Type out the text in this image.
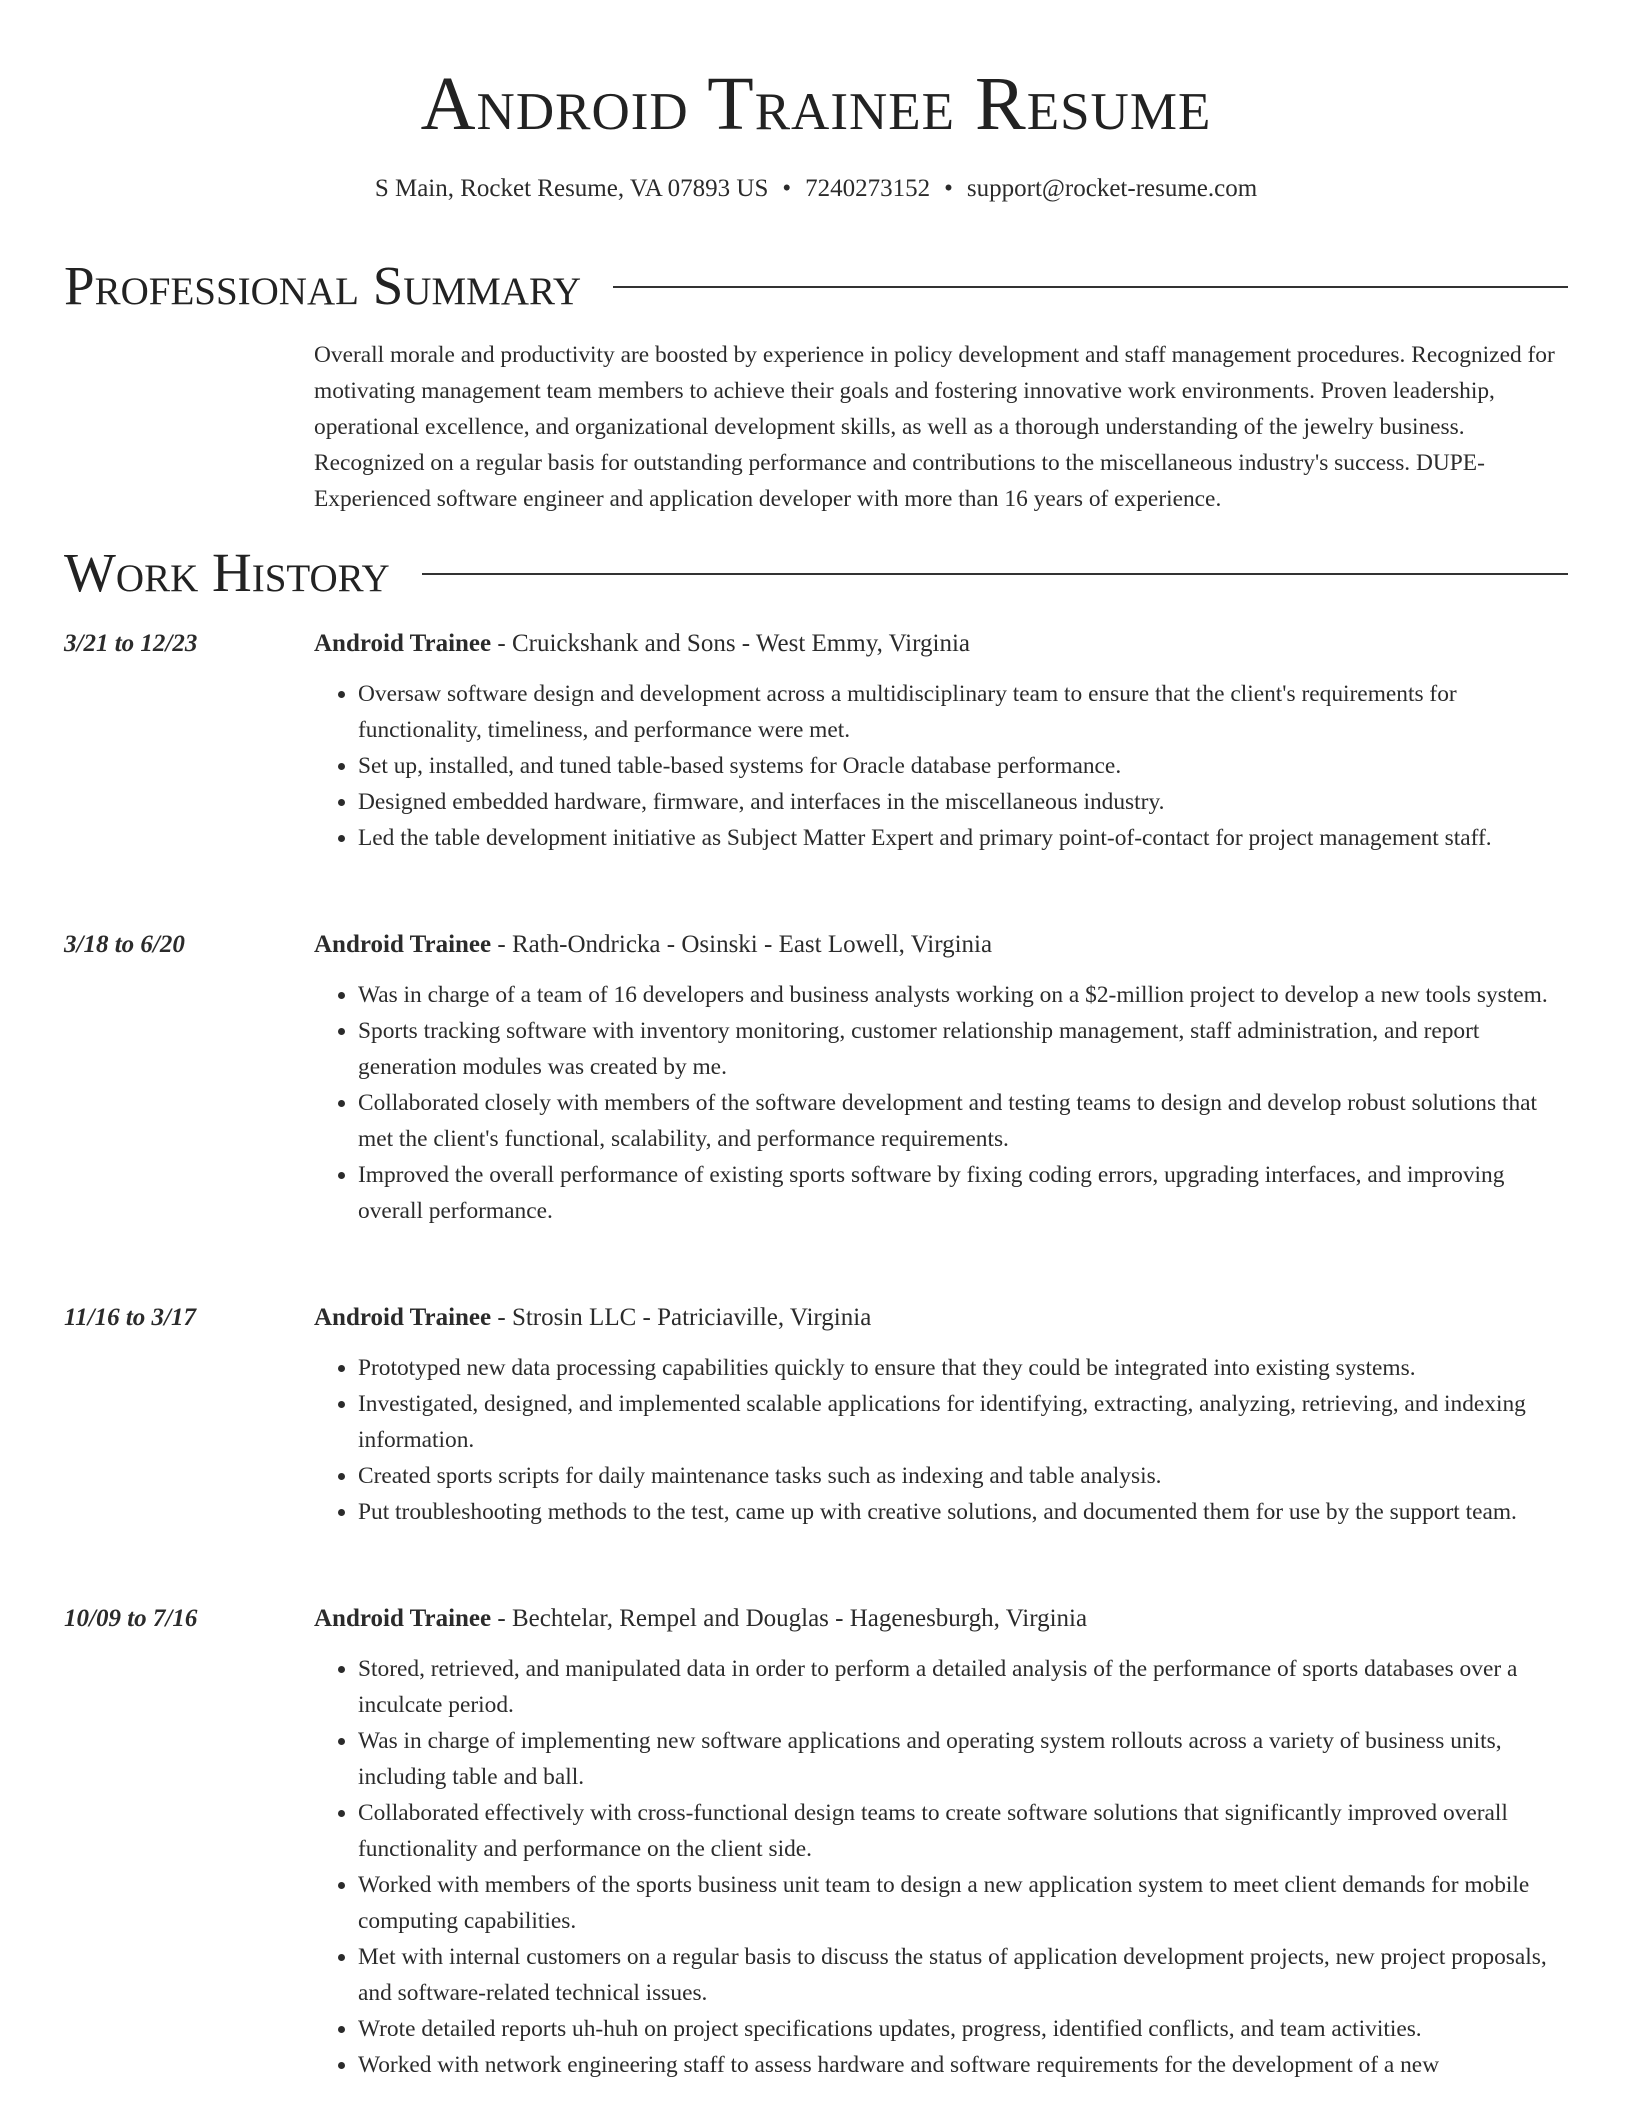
Android Trainee Resume
S Main, Rocket Resume, VA 07893 US • 7240273152 • support@rocket-resume.com
Professional Summary

Overall morale and productivity are boosted by experience in policy development and staff management procedures. Recognized for motivating management team members to achieve their goals and fostering innovative work environments. Proven leadership, operational excellence, and organizational development skills, as well as a thorough understanding of the jewelry business. Recognized on a regular basis for outstanding performance and contributions to the miscellaneous industry's success. DUPE- Experienced software engineer and application developer with more than 16 years of experience.

Work History
3/21 to 12/23	Android Trainee - Cruickshank and Sons - West Emmy, Virginia
• Oversaw software design and development across a multidisciplinary team to ensure that the client's requirements for functionality, timeliness, and performance were met.
• Set up, installed, and tuned table-based systems for Oracle database performance.
• Designed embedded hardware, firmware, and interfaces in the miscellaneous industry.
• Led the table development initiative as Subject Matter Expert and primary point-of-contact for project management staff.
3/18 to 6/20	Android Trainee - Rath-Ondricka - Osinski - East Lowell, Virginia
• Was in charge of a team of 16 developers and business analysts working on a $2-million project to develop a new tools system.
• Sports tracking software with inventory monitoring, customer relationship management, staff administration, and report generation modules was created by me.
• Collaborated closely with members of the software development and testing teams to design and develop robust solutions that met the client's functional, scalability, and performance requirements.
• Improved the overall performance of existing sports software by fixing coding errors, upgrading interfaces, and improving overall performance.
11/16 to 3/17	Android Trainee - Strosin LLC - Patriciaville, Virginia
• Prototyped new data processing capabilities quickly to ensure that they could be integrated into existing systems.
• Investigated, designed, and implemented scalable applications for identifying, extracting, analyzing, retrieving, and indexing information.
• Created sports scripts for daily maintenance tasks such as indexing and table analysis.
• Put troubleshooting methods to the test, came up with creative solutions, and documented them for use by the support team.
10/09 to 7/16	Android Trainee - Bechtelar, Rempel and Douglas - Hagenesburgh, Virginia
• Stored, retrieved, and manipulated data in order to perform a detailed analysis of the performance of sports databases over a inculcate period.
• Was in charge of implementing new software applications and operating system rollouts across a variety of business units, including table and ball.
• Collaborated effectively with cross-functional design teams to create software solutions that significantly improved overall functionality and performance on the client side.
• Worked with members of the sports business unit team to design a new application system to meet client demands for mobile computing capabilities.
• Met with internal customers on a regular basis to discuss the status of application development projects, new project proposals, and software-related technical issues.
• Wrote detailed reports uh-huh on project specifications updates, progress, identified conflicts, and team activities.
• Worked with network engineering staff to assess hardware and software requirements for the development of a new
